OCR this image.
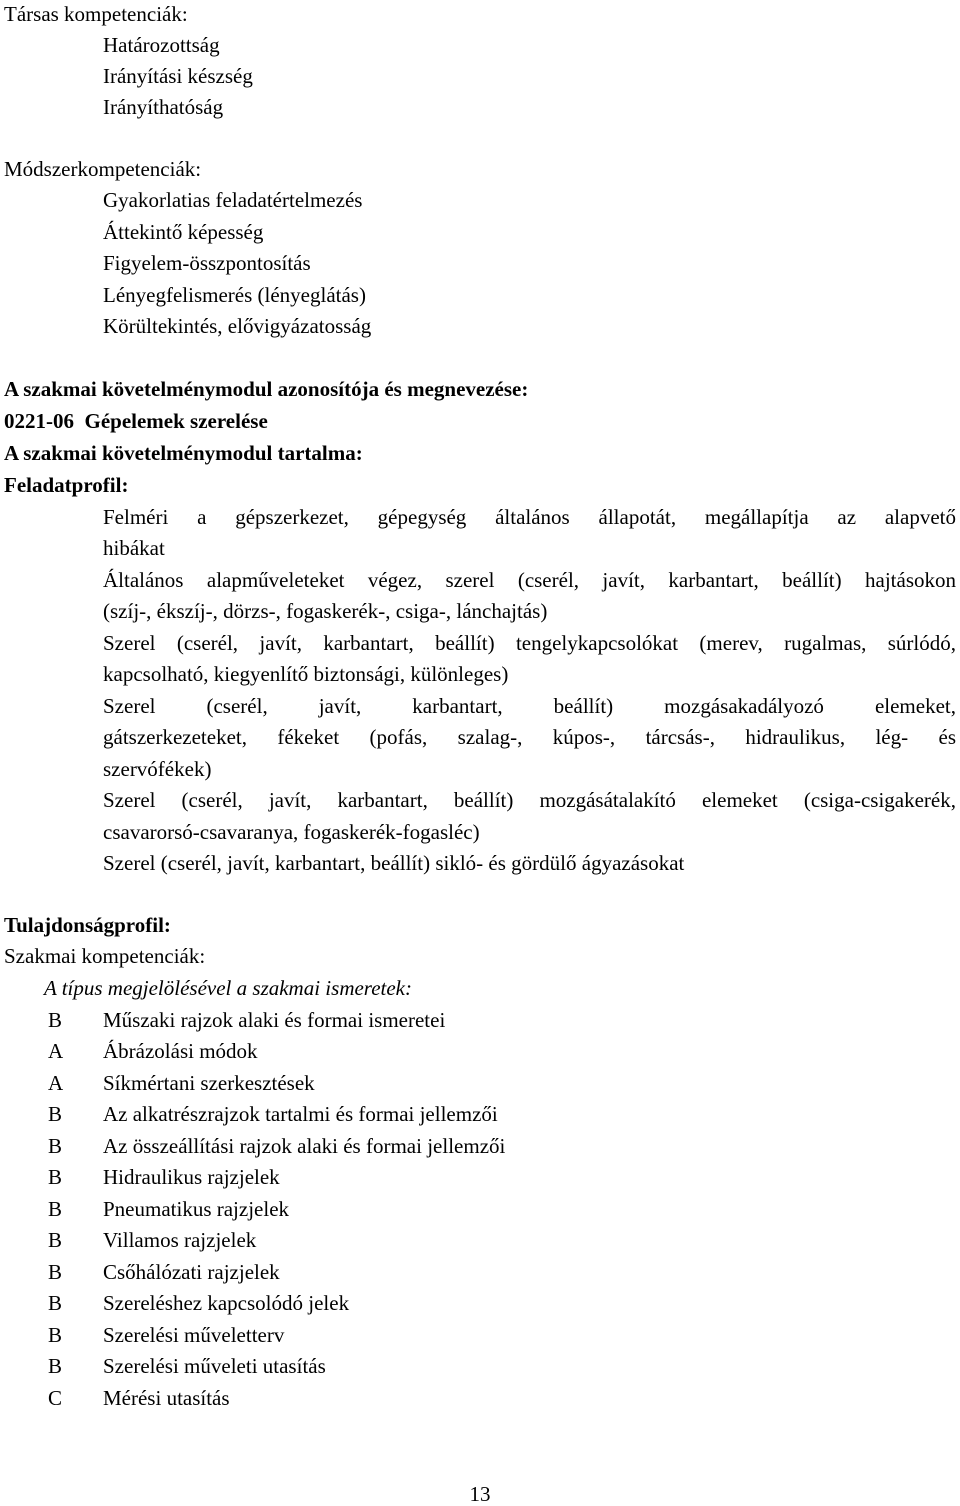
Társas kompetenciák:
Határozottság
Irányítási készség
Irányíthatóság
Módszerkompetenciák:
Gyakorlatias feladatértelmezés
Áttekintő képesség
Figyelem-összpontosítás
Lényegfelismerés (lényeglátás)
Körültekintés, elővigyázatosság
A szakmai követelménymodul azonosítója és megnevezése:
0221-06  Gépelemek szerelése
A szakmai követelménymodul tartalma:
Feladatprofil:
Felméri a gépszerkezet, gépegység általános állapotát, megállapítja az alapvető
hibákat
Általános alapműveleteket végez, szerel (cserél, javít, karbantart, beállít) hajtásokon
(szíj-, ékszíj-, dörzs-, fogaskerék-, csiga-, lánchajtás)
Szerel (cserél, javít, karbantart, beállít) tengelykapcsolókat (merev, rugalmas, súrlódó,
kapcsolható, kiegyenlítő biztonsági, különleges)
Szerel (cserél, javít, karbantart, beállít) mozgásakadályozó elemeket,
gátszerkezeteket, fékeket (pofás, szalag-, kúpos-, tárcsás-, hidraulikus, lég- és
szervófékek)
Szerel (cserél, javít, karbantart, beállít) mozgásátalakító elemeket (csiga-csigakerék,
csavarorsó-csavaranya, fogaskerék-fogasléc)
Szerel (cserél, javít, karbantart, beállít) sikló- és gördülő ágyazásokat
Tulajdonságprofil:
Szakmai kompetenciák:
A típus megjelölésével a szakmai ismeretek:
B	Műszaki rajzok alaki és formai ismeretei
A	Ábrázolási módok
A	Síkmértani szerkesztések
B	Az alkatrészrajzok tartalmi és formai jellemzői
B	Az összeállítási rajzok alaki és formai jellemzői
B	Hidraulikus rajzjelek
B	Pneumatikus rajzjelek
B	Villamos rajzjelek
B	Csőhálózati rajzjelek
B	Szereléshez kapcsolódó jelek
B	Szerelési műveletterv
B	Szerelési műveleti utasítás
C	Mérési utasítás
13
